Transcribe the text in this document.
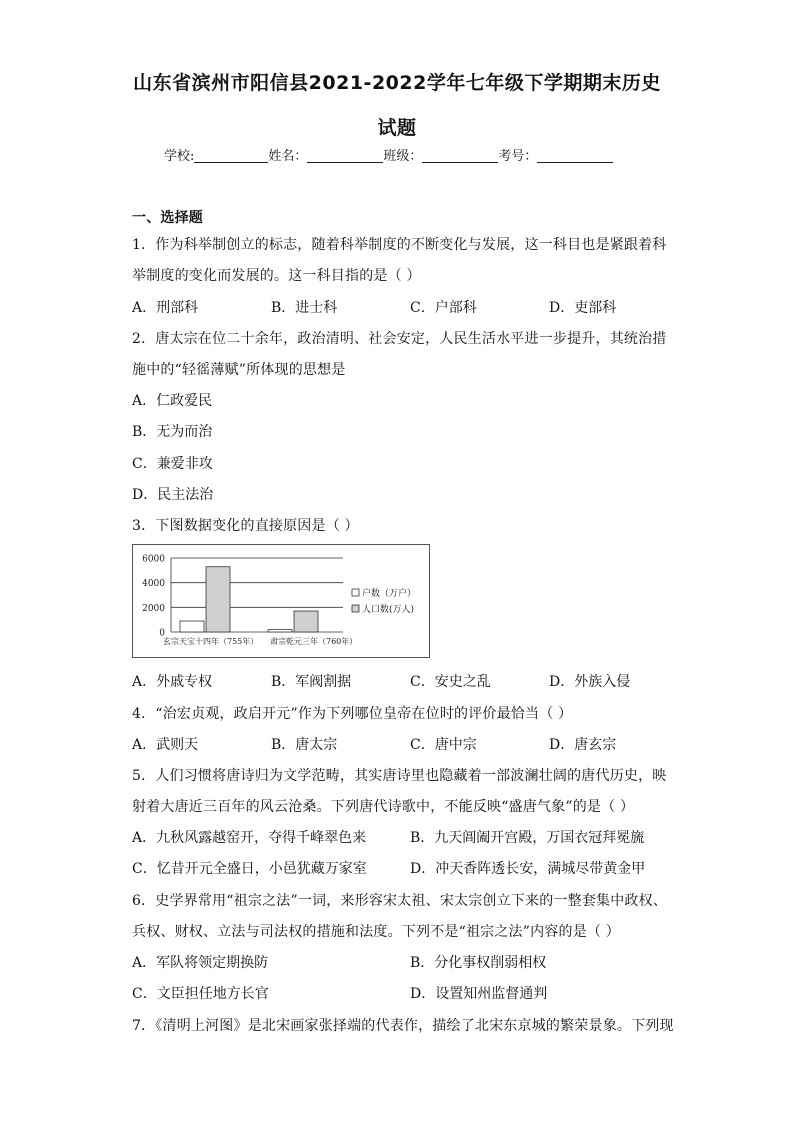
山东省滨州市阳信县2021-2022学年七年级下学期期末历史
试题
学校:	姓名：	班级：	考号：
一、选择题
1．作为科举制创立的标志，随着科举制度的不断变化与发展，这一科目也是紧跟着科
举制度的变化而发展的。这一科目指的是（ ）
A．刑部科	B．进士科	C．户部科	D．吏部科
2．唐太宗在位二十余年，政治清明、社会安定，人民生活水平进一步提升，其统治措
施中的“轻徭薄赋”所体现的思想是
A．仁政爱民
B．无为而治
C．兼爱非攻
D．民主法治
3．下图数据变化的直接原因是（ ）
0
2000
4000
6000
玄宗天宝十四年（755年） 肃宗乾元三年（760年）
户数（万户）
人口数(万人)
A．外戚专权	B．军阀割据	C．安史之乱	D．外族入侵
4．“治宏贞观，政启开元”作为下列哪位皇帝在位时的评价最恰当（ ）
A．武则天	B．唐太宗	C．唐中宗	D．唐玄宗
5．人们习惯将唐诗归为文学范畴，其实唐诗里也隐藏着一部波澜壮阔的唐代历史，映
射着大唐近三百年的风云沧桑。下列唐代诗歌中，不能反映“盛唐气象”的是（ ）
A．九秋风露越窑开，夺得千峰翠色来	B．九天阊阖开宫殿，万国衣冠拜冕旒
C．忆昔开元全盛日，小邑犹藏万家室	D．冲天香阵透长安，满城尽带黄金甲
6．史学界常用“祖宗之法”一词，来形容宋太祖、宋太宗创立下来的一整套集中政权、
兵权、财权、立法与司法权的措施和法度。下列不是“祖宗之法”内容的是（ ）
A．军队将领定期换防	B．分化事权削弱相权
C．文臣担任地方长官	D．设置知州监督通判
7．《清明上河图》是北宋画家张择端的代表作，描绘了北宋东京城的繁荣景象。下列现
